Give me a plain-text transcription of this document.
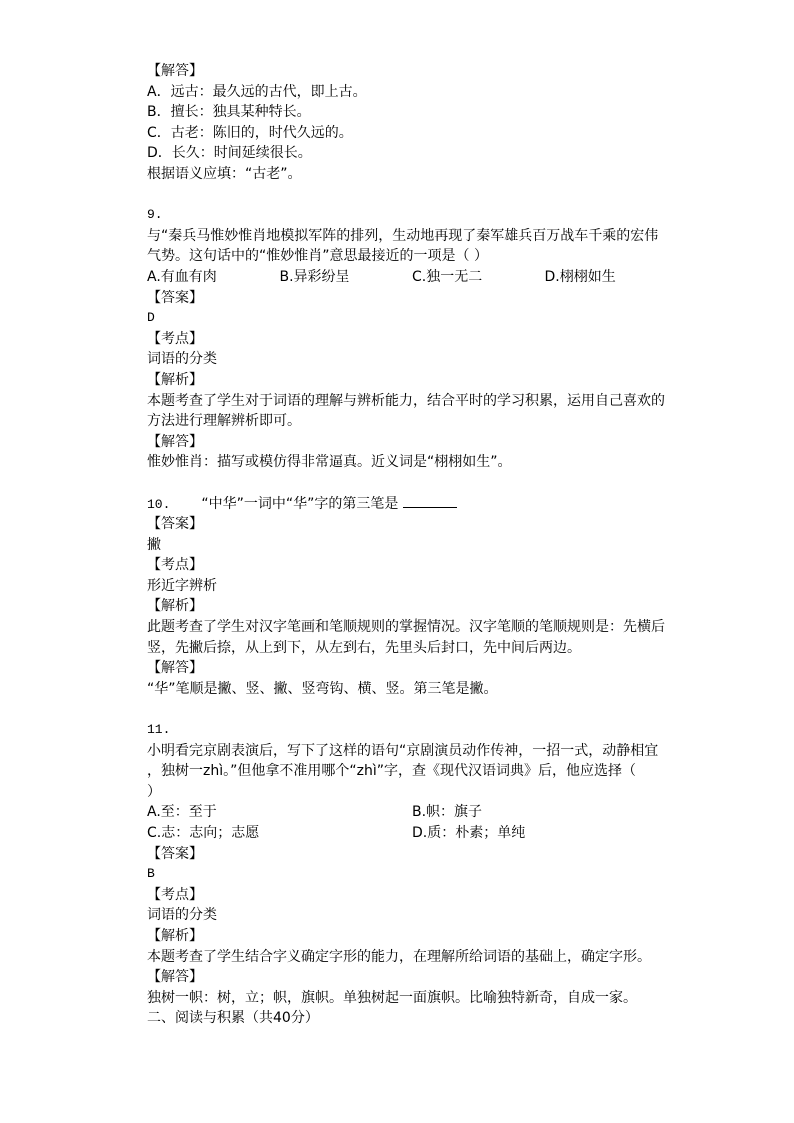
【解答】
A．远古：最久远的古代，即上古。
B．擅长：独具某种特长。
C．古老：陈旧的，时代久远的。
D．长久：时间延续很长。
根据语义应填：“古老”。
9.
与“秦兵马惟妙惟肖地模拟军阵的排列，生动地再现了秦军雄兵百万战车千乘的宏伟
气势。这句话中的“惟妙惟肖”意思最接近的一项是（ ）
A.有血有肉	B.异彩纷呈	C.独一无二	D.栩栩如生
【答案】
D
【考点】
词语的分类
【解析】
本题考查了学生对于词语的理解与辨析能力，结合平时的学习积累，运用自己喜欢的
方法进行理解辨析即可。
【解答】
惟妙惟肖：描写或模仿得非常逼真。近义词是“栩栩如生”。
10. “中华”一词中“华”字的第三笔是
【答案】
撇
【考点】
形近字辨析
【解析】
此题考查了学生对汉字笔画和笔顺规则的掌握情况。汉字笔顺的笔顺规则是：先横后
竖，先撇后捺，从上到下，从左到右，先里头后封口，先中间后两边。
【解答】
“华”笔顺是撇、竖、撇、竖弯钩、横、竖。第三笔是撇。
11.
小明看完京剧表演后，写下了这样的语句“京剧演员动作传神，一招一式，动静相宜
，独树一zhì。”但他拿不准用哪个“zhì”字，查《现代汉语词典》后，他应选择（
）
A.至：至于	B.帜：旗子
C.志：志向；志愿	D.质：朴素；单纯
【答案】
B
【考点】
词语的分类
【解析】
本题考查了学生结合字义确定字形的能力，在理解所给词语的基础上，确定字形。
【解答】
独树一帜：树，立；帜，旗帜。单独树起一面旗帜。比喻独特新奇，自成一家。
二、阅读与积累（共40分）
